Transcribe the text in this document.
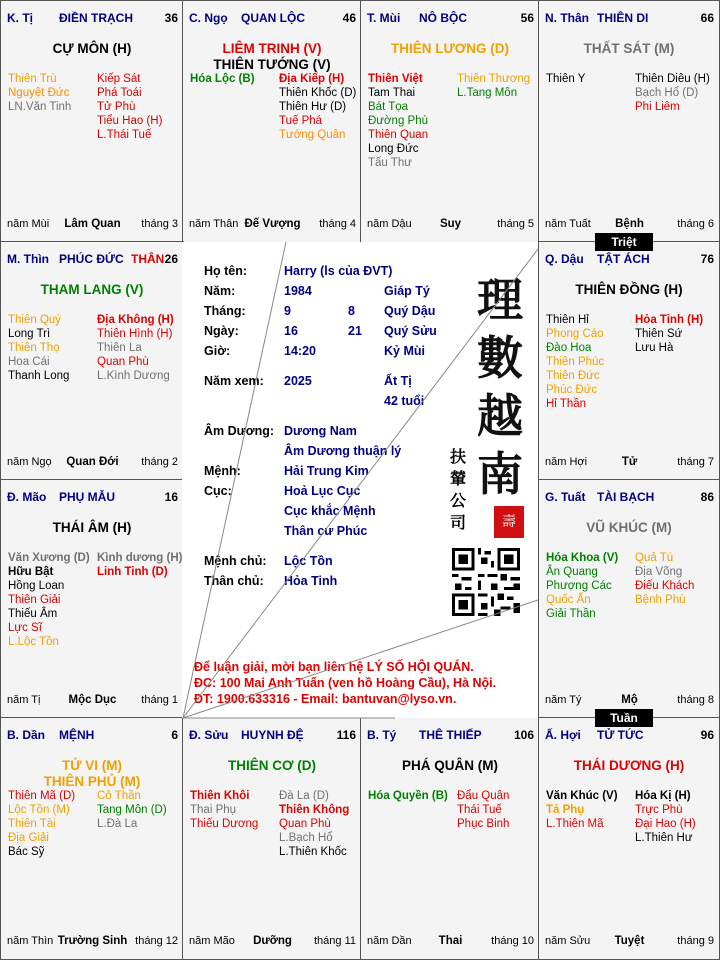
K. Tị ĐIỀN TRẠCH	36
CỰ MÔN (H)
Thiên Trù
Nguyệt Đức
LN.Văn Tinh
Kiếp Sát
Phá Toái
Tử Phù
Tiểu Hao (H)
L.Thái Tuế
năm Mùi	Lâm Quan	tháng 3
C. Ngọ QUAN LỘC	46
LIÊM TRINH (V)
THIÊN TƯỚNG (V)
Hóa Lộc (B)	Địa Kiếp (H)
Thiên Khốc (D)
Thiên Hư (D)
Tuế Phá
Tướng Quân
năm Thân Đế Vượng	tháng 4
T. Mùi NÔ BỘC	56
THIÊN LƯƠNG (D)
Thiên Việt
Tam Thai
Bát Tọa
Đường Phù
Thiên Quan
Long Đức
Tấu Thư
Thiên Thương
L.Tang Môn
năm Dậu	Suy	tháng 5
N. Thân THIÊN DI	66
THẤT SÁT (M)
Thiên Y	Thiên Diêu (H)
Bạch Hổ (D)
Phi Liêm
năm Tuất	Bệnh	tháng 6
M. Thìn PHÚC ĐỨC THÂN 26
THAM LANG (V)
Thiên Quý
Long Trì
Thiên Thọ
Hoa Cái
Thanh Long
Địa Không (H)
Thiên Hình (H)
Thiên La
Quan Phù
L.Kình Dương
năm Ngọ	Quan Đới	tháng 2
Q. Dậu TẬT ÁCH	76
THIÊN ĐỒNG (H)
Thiên Hỉ
Phong Cáo
Đào Hoa
Thiên Phúc
Thiên Đức
Phúc Đức
Hỉ Thần
Hỏa Tinh (H)
Thiên Sứ
Lưu Hà
năm Hợi	Tử	tháng 7
Đ. Mão PHỤ MẪU	16
THÁI ÂM (H)
Văn Xương (D)
Hữu Bật
Hồng Loan
Thiên Giải
Thiếu Âm
Lực Sĩ
L.Lộc Tồn
Kình dương (H)
Linh Tinh (D)
năm Tị	Mộc Dục	tháng 1
G. Tuất TÀI BẠCH	86
VŨ KHÚC (M)
Hóa Khoa (V)
Ân Quang
Phượng Các
Quốc Ấn
Giải Thần
Quả Tú
Địa Võng
Điếu Khách
Bệnh Phù
năm Tý	Mộ	tháng 8
B. Dần MỆNH	6
TỬ VI (M)
THIÊN PHỦ (M)
Thiên Mã (D)
Lộc Tồn (M)
Thiên Tài
Địa Giải
Bác Sỹ
Cô Thần
Tang Môn (D)
L.Đà La
năm Thìn Trường Sinh tháng 12
Đ. Sửu HUYNH ĐỆ	116
THIÊN CƠ (D)
Thiên Khôi
Thai Phụ
Thiếu Dương
Đà La (D)
Thiên Không
Quan Phù
L.Bạch Hổ
L.Thiên Khốc
năm Mão	Dưỡng	tháng 11
B. Tý THÊ THIẾP	106
PHÁ QUÂN (M)
Hóa Quyền (B) Đẩu Quân
Thái Tuế
Phục Binh
năm Dần	Thai	tháng 10
Ấ. Hợi TỬ TỨC	96
THÁI DƯƠNG (H)
Văn Khúc (V)
Tả Phụ
L.Thiên Mã
Hóa Kị (H)
Trực Phù
Đại Hao (H)
L.Thiên Hư
năm Sửu	Tuyệt	tháng 9
Họ tên:	Harry (ls của ĐVT)
Năm:	1984	Giáp Tý
Tháng:	9	8 Quý Dậu
Ngày:	16	21 Quý Sửu
Giờ:	14:20	Kỷ Mùi
Năm xem: 2025	Ất Tị
42 tuổi
Âm Dương: Dương Nam
Âm Dương thuận lý
Mệnh:	Hải Trung Kim
Cục:	Hoả Lục Cục
Cục khắc Mệnh
Thân cư Phúc
Mệnh chủ: Lộc Tồn
Thân chủ: Hỏa Tinh
理
數
越
南
扶
輦
公
司	壽
Để luận giải, mời bạn liên hệ LÝ SỐ HỘI QUÁN.
ĐC: 100 Mai Anh Tuấn (ven hồ Hoàng Cầu), Hà Nội.
ĐT: 1900.633316 - Email: bantuvan@lyso.vn.
Triệt
Tuần
